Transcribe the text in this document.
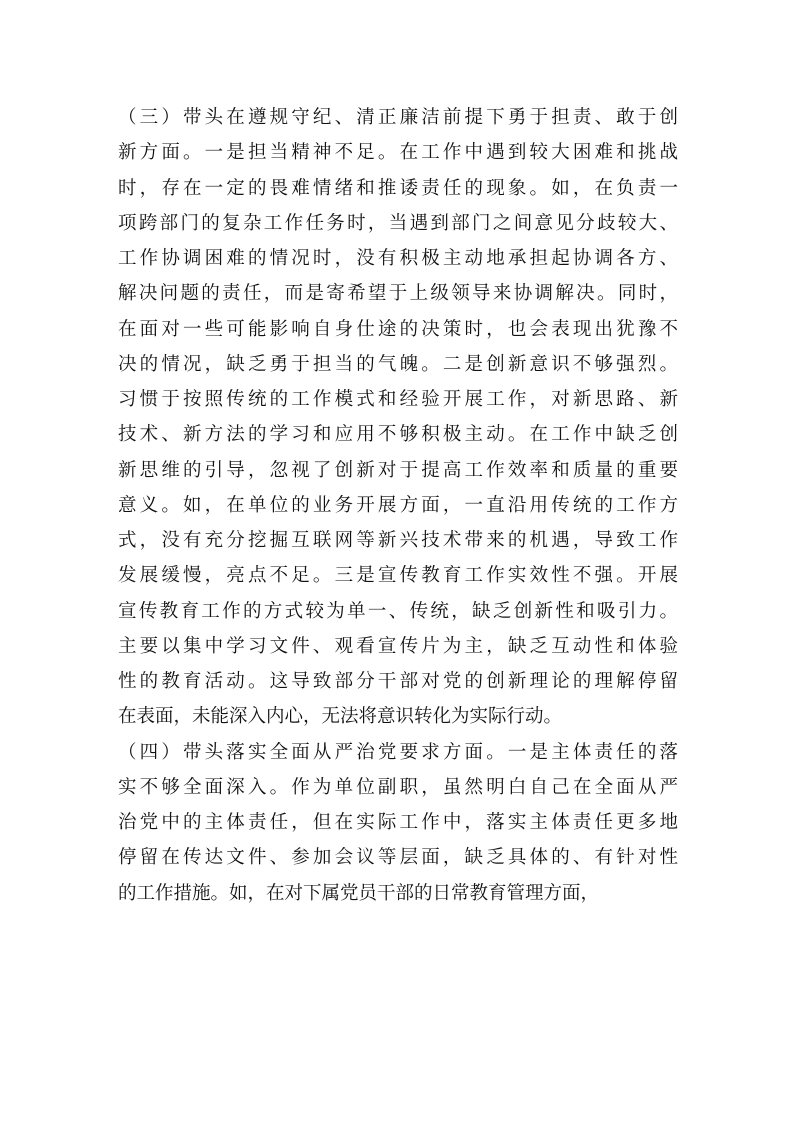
（三）带头在遵规守纪、清正廉洁前提下勇于担责、敢于创
新方面。一是担当精神不足。在工作中遇到较大困难和挑战
时，存在一定的畏难情绪和推诿责任的现象。如，在负责一
项跨部门的复杂工作任务时，当遇到部门之间意见分歧较大、
工作协调困难的情况时，没有积极主动地承担起协调各方、
解决问题的责任，而是寄希望于上级领导来协调解决。同时，
在面对一些可能影响自身仕途的决策时，也会表现出犹豫不
决的情况，缺乏勇于担当的气魄。二是创新意识不够强烈。
习惯于按照传统的工作模式和经验开展工作，对新思路、新
技术、新方法的学习和应用不够积极主动。在工作中缺乏创
新思维的引导，忽视了创新对于提高工作效率和质量的重要
意义。如，在单位的业务开展方面，一直沿用传统的工作方
式，没有充分挖掘互联网等新兴技术带来的机遇，导致工作
发展缓慢，亮点不足。三是宣传教育工作实效性不强。开展
宣传教育工作的方式较为单一、传统，缺乏创新性和吸引力。
主要以集中学习文件、观看宣传片为主，缺乏互动性和体验
性的教育活动。这导致部分干部对党的创新理论的理解停留
在表面，未能深入内心，无法将意识转化为实际行动。
（四）带头落实全面从严治党要求方面。一是主体责任的落
实不够全面深入。作为单位副职，虽然明白自己在全面从严
治党中的主体责任，但在实际工作中，落实主体责任更多地
停留在传达文件、参加会议等层面，缺乏具体的、有针对性
的工作措施。如，在对下属党员干部的日常教育管理方面，
